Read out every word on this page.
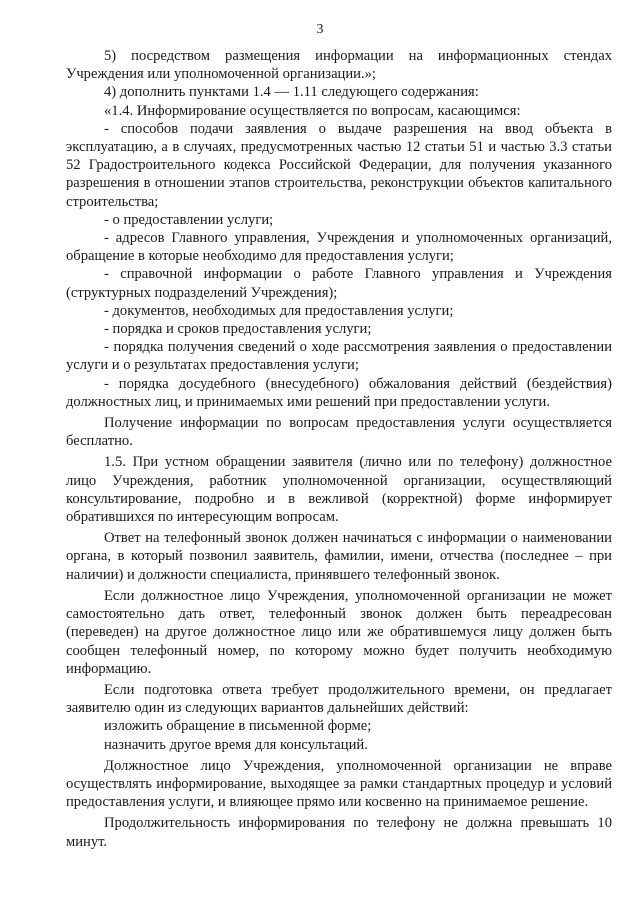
3

5) посредством размещения информации на информационных стендах Учреждения или уполномоченной организации.»;

4) дополнить пунктами 1.4 — 1.11 следующего содержания:

«1.4. Информирование осуществляется по вопросам, касающимся:

- способов подачи заявления о выдаче разрешения на ввод объекта в эксплуатацию, а в случаях, предусмотренных частью 12 статьи 51 и частью 3.3 статьи 52 Градостроительного кодекса Российской Федерации, для получения указанного разрешения в отношении этапов строительства, реконструкции объектов капитального строительства;

- о предоставлении услуги;

- адресов Главного управления, Учреждения и уполномоченных организаций, обращение в которые необходимо для предоставления услуги;

- справочной информации о работе Главного управления и Учреждения (структурных подразделений Учреждения);

- документов, необходимых для предоставления услуги;

- порядка и сроков предоставления услуги;

- порядка получения сведений о ходе рассмотрения заявления о предоставлении услуги и о результатах предоставления услуги;

- порядка досудебного (внесудебного) обжалования действий (бездействия) должностных лиц, и принимаемых ими решений при предоставлении услуги.

Получение информации по вопросам предоставления услуги осуществляется бесплатно.

1.5. При устном обращении заявителя (лично или по телефону) должностное лицо Учреждения, работник уполномоченной организации, осуществляющий консультирование, подробно и в вежливой (корректной) форме информирует обратившихся по интересующим вопросам.

Ответ на телефонный звонок должен начинаться с информации о наименовании органа, в который позвонил заявитель, фамилии, имени, отчества (последнее – при наличии) и должности специалиста, принявшего телефонный звонок.

Если должностное лицо Учреждения, уполномоченной организации не может самостоятельно дать ответ, телефонный звонок должен быть переадресован (переведен) на другое должностное лицо или же обратившемуся лицу должен быть сообщен телефонный номер, по которому можно будет получить необходимую информацию.

Если подготовка ответа требует продолжительного времени, он предлагает заявителю один из следующих вариантов дальнейших действий:

изложить обращение в письменной форме;

назначить другое время для консультаций.

Должностное лицо Учреждения, уполномоченной организации не вправе осуществлять информирование, выходящее за рамки стандартных процедур и условий предоставления услуги, и влияющее прямо или косвенно на принимаемое решение.

Продолжительность информирования по телефону не должна превышать 10 минут.
